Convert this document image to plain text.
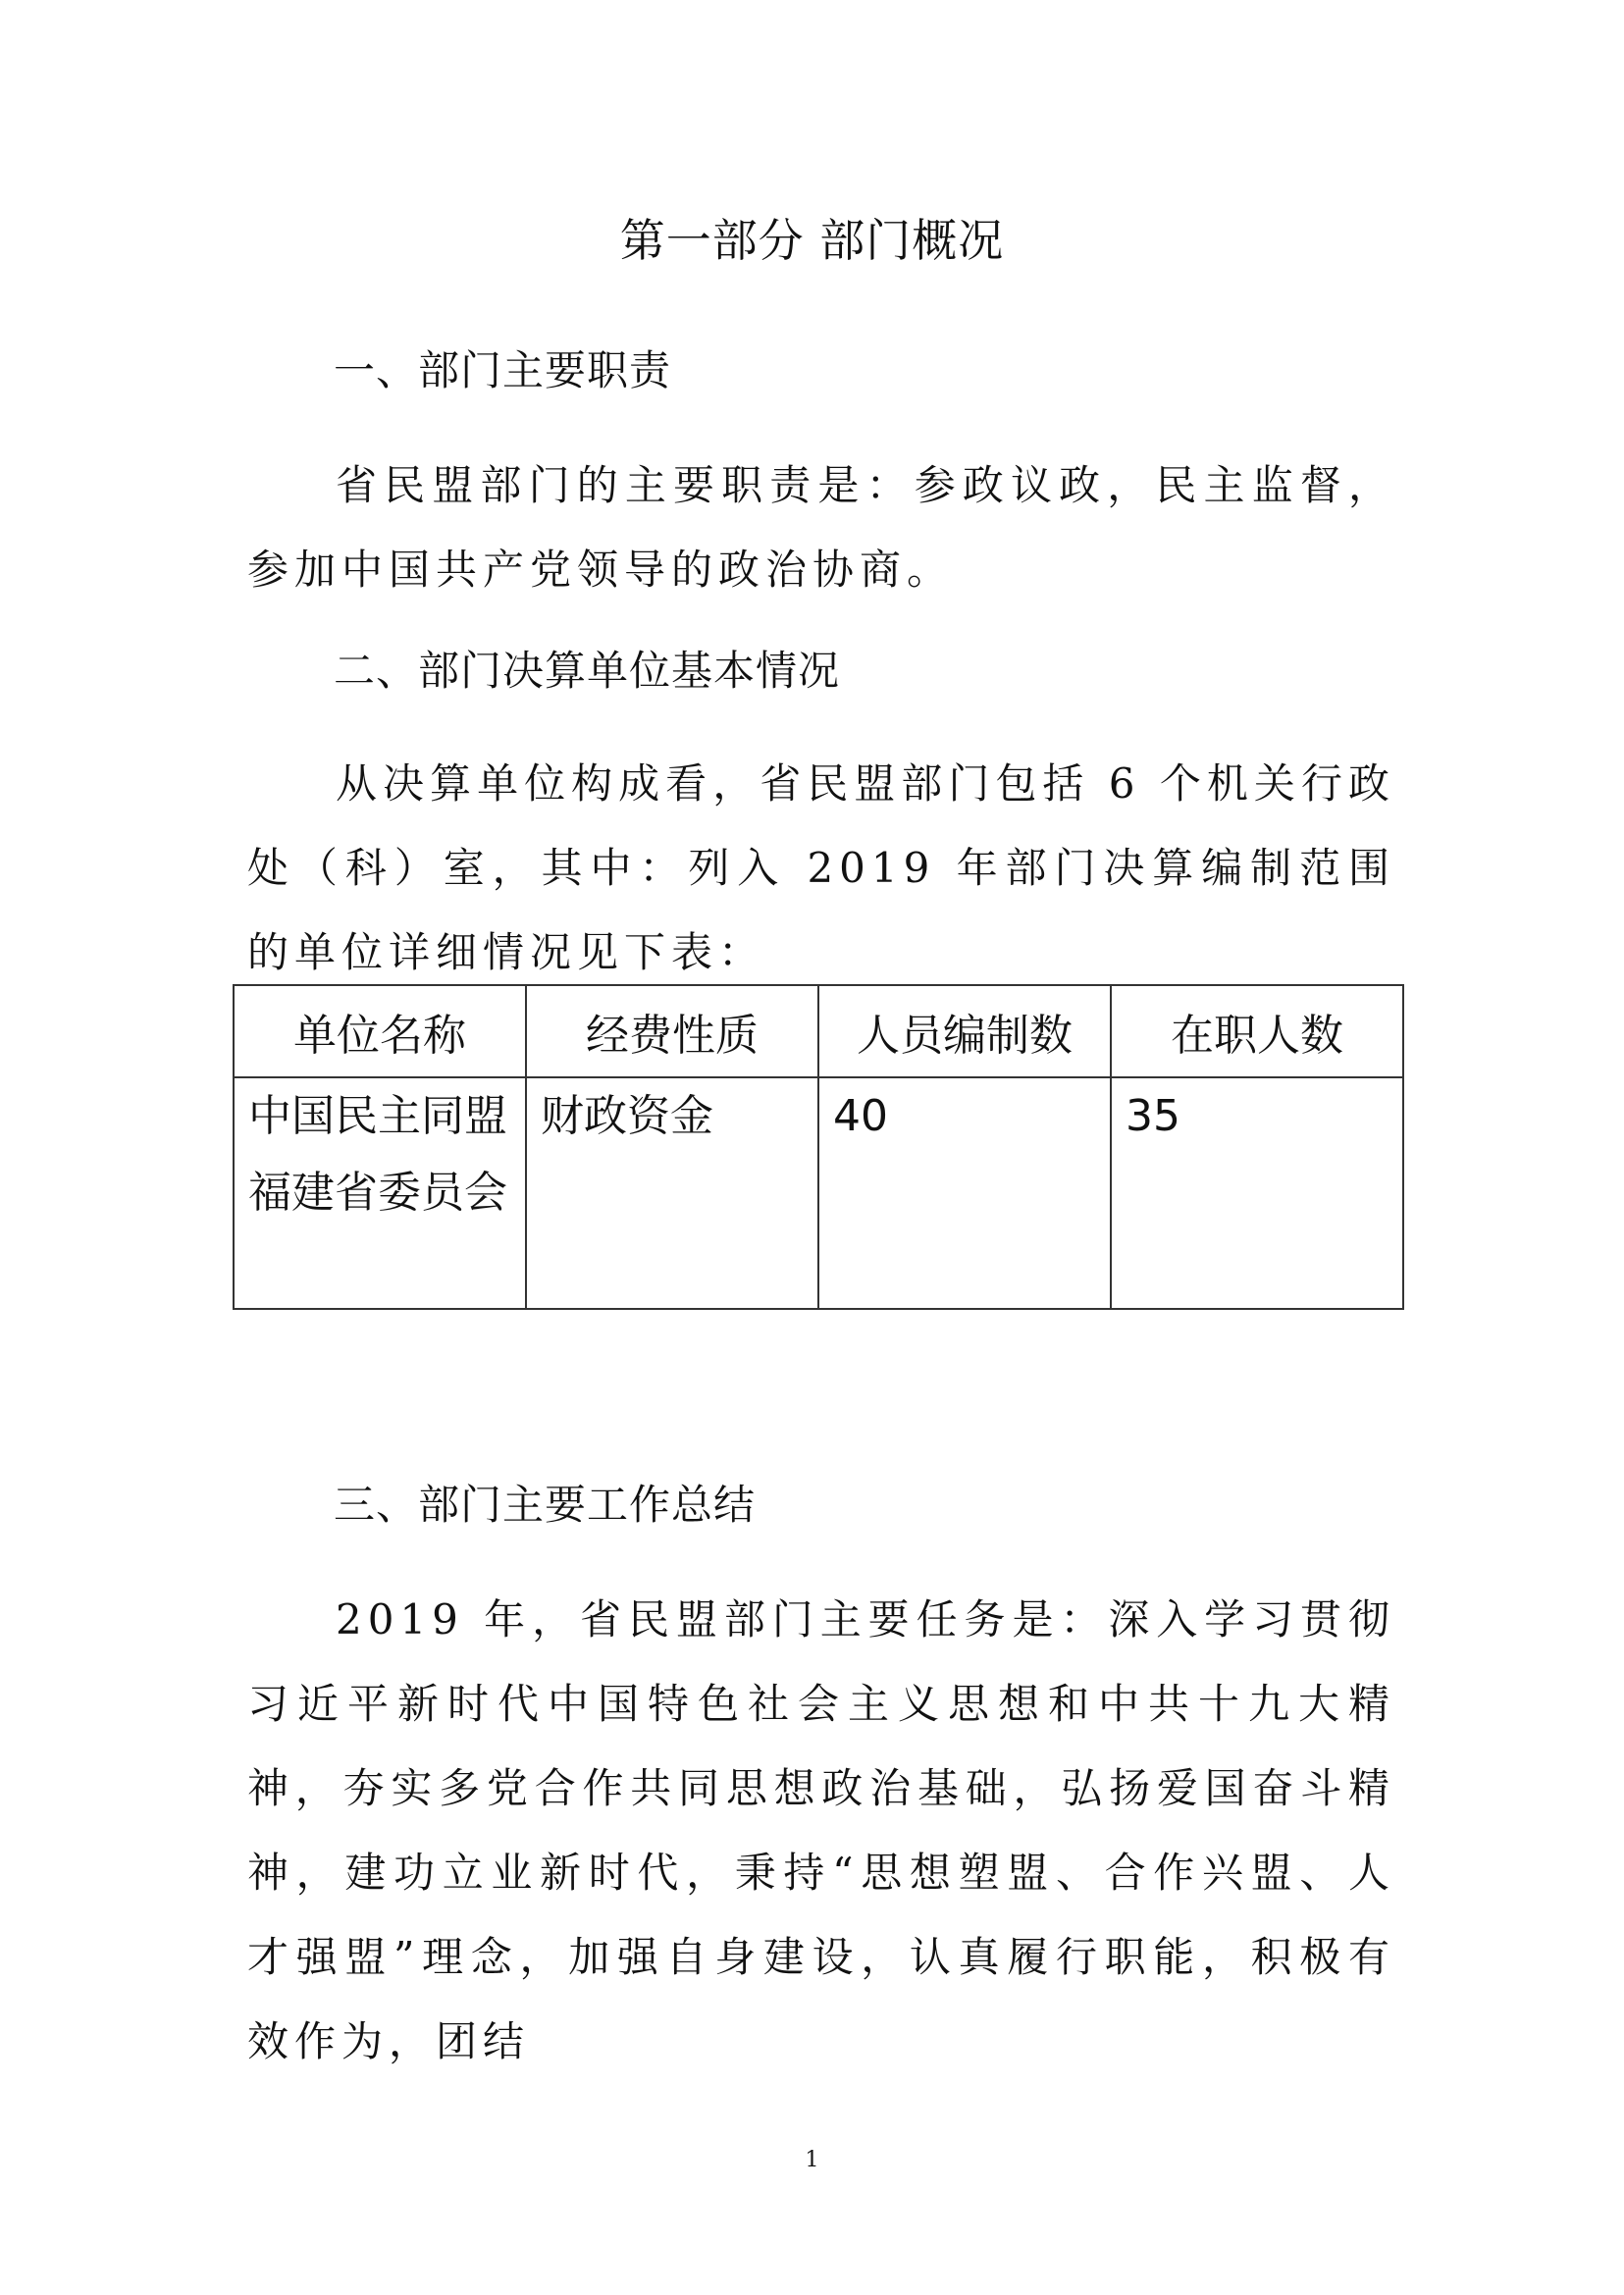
第一部分 部门概况
一、部门主要职责
省民盟部门的主要职责是：参政议政，民主监督，参加中国共产党领导的政治协商。
二、部门决算单位基本情况
从决算单位构成看，省民盟部门包括 6 个机关行政处（科）室，其中：列入 2019 年部门决算编制范围的单位详细情况见下表：
单位名称	经费性质	人员编制数	在职人数
中国民主同盟福建省委员会	财政资金	40	35
三、部门主要工作总结
2019 年，省民盟部门主要任务是：深入学习贯彻习近平新时代中国特色社会主义思想和中共十九大精神，夯实多党合作共同思想政治基础，弘扬爱国奋斗精神，建功立业新时代，秉持“思想塑盟、合作兴盟、人才强盟”理念，加强自身建设，认真履行职能，积极有效作为，团结
1
